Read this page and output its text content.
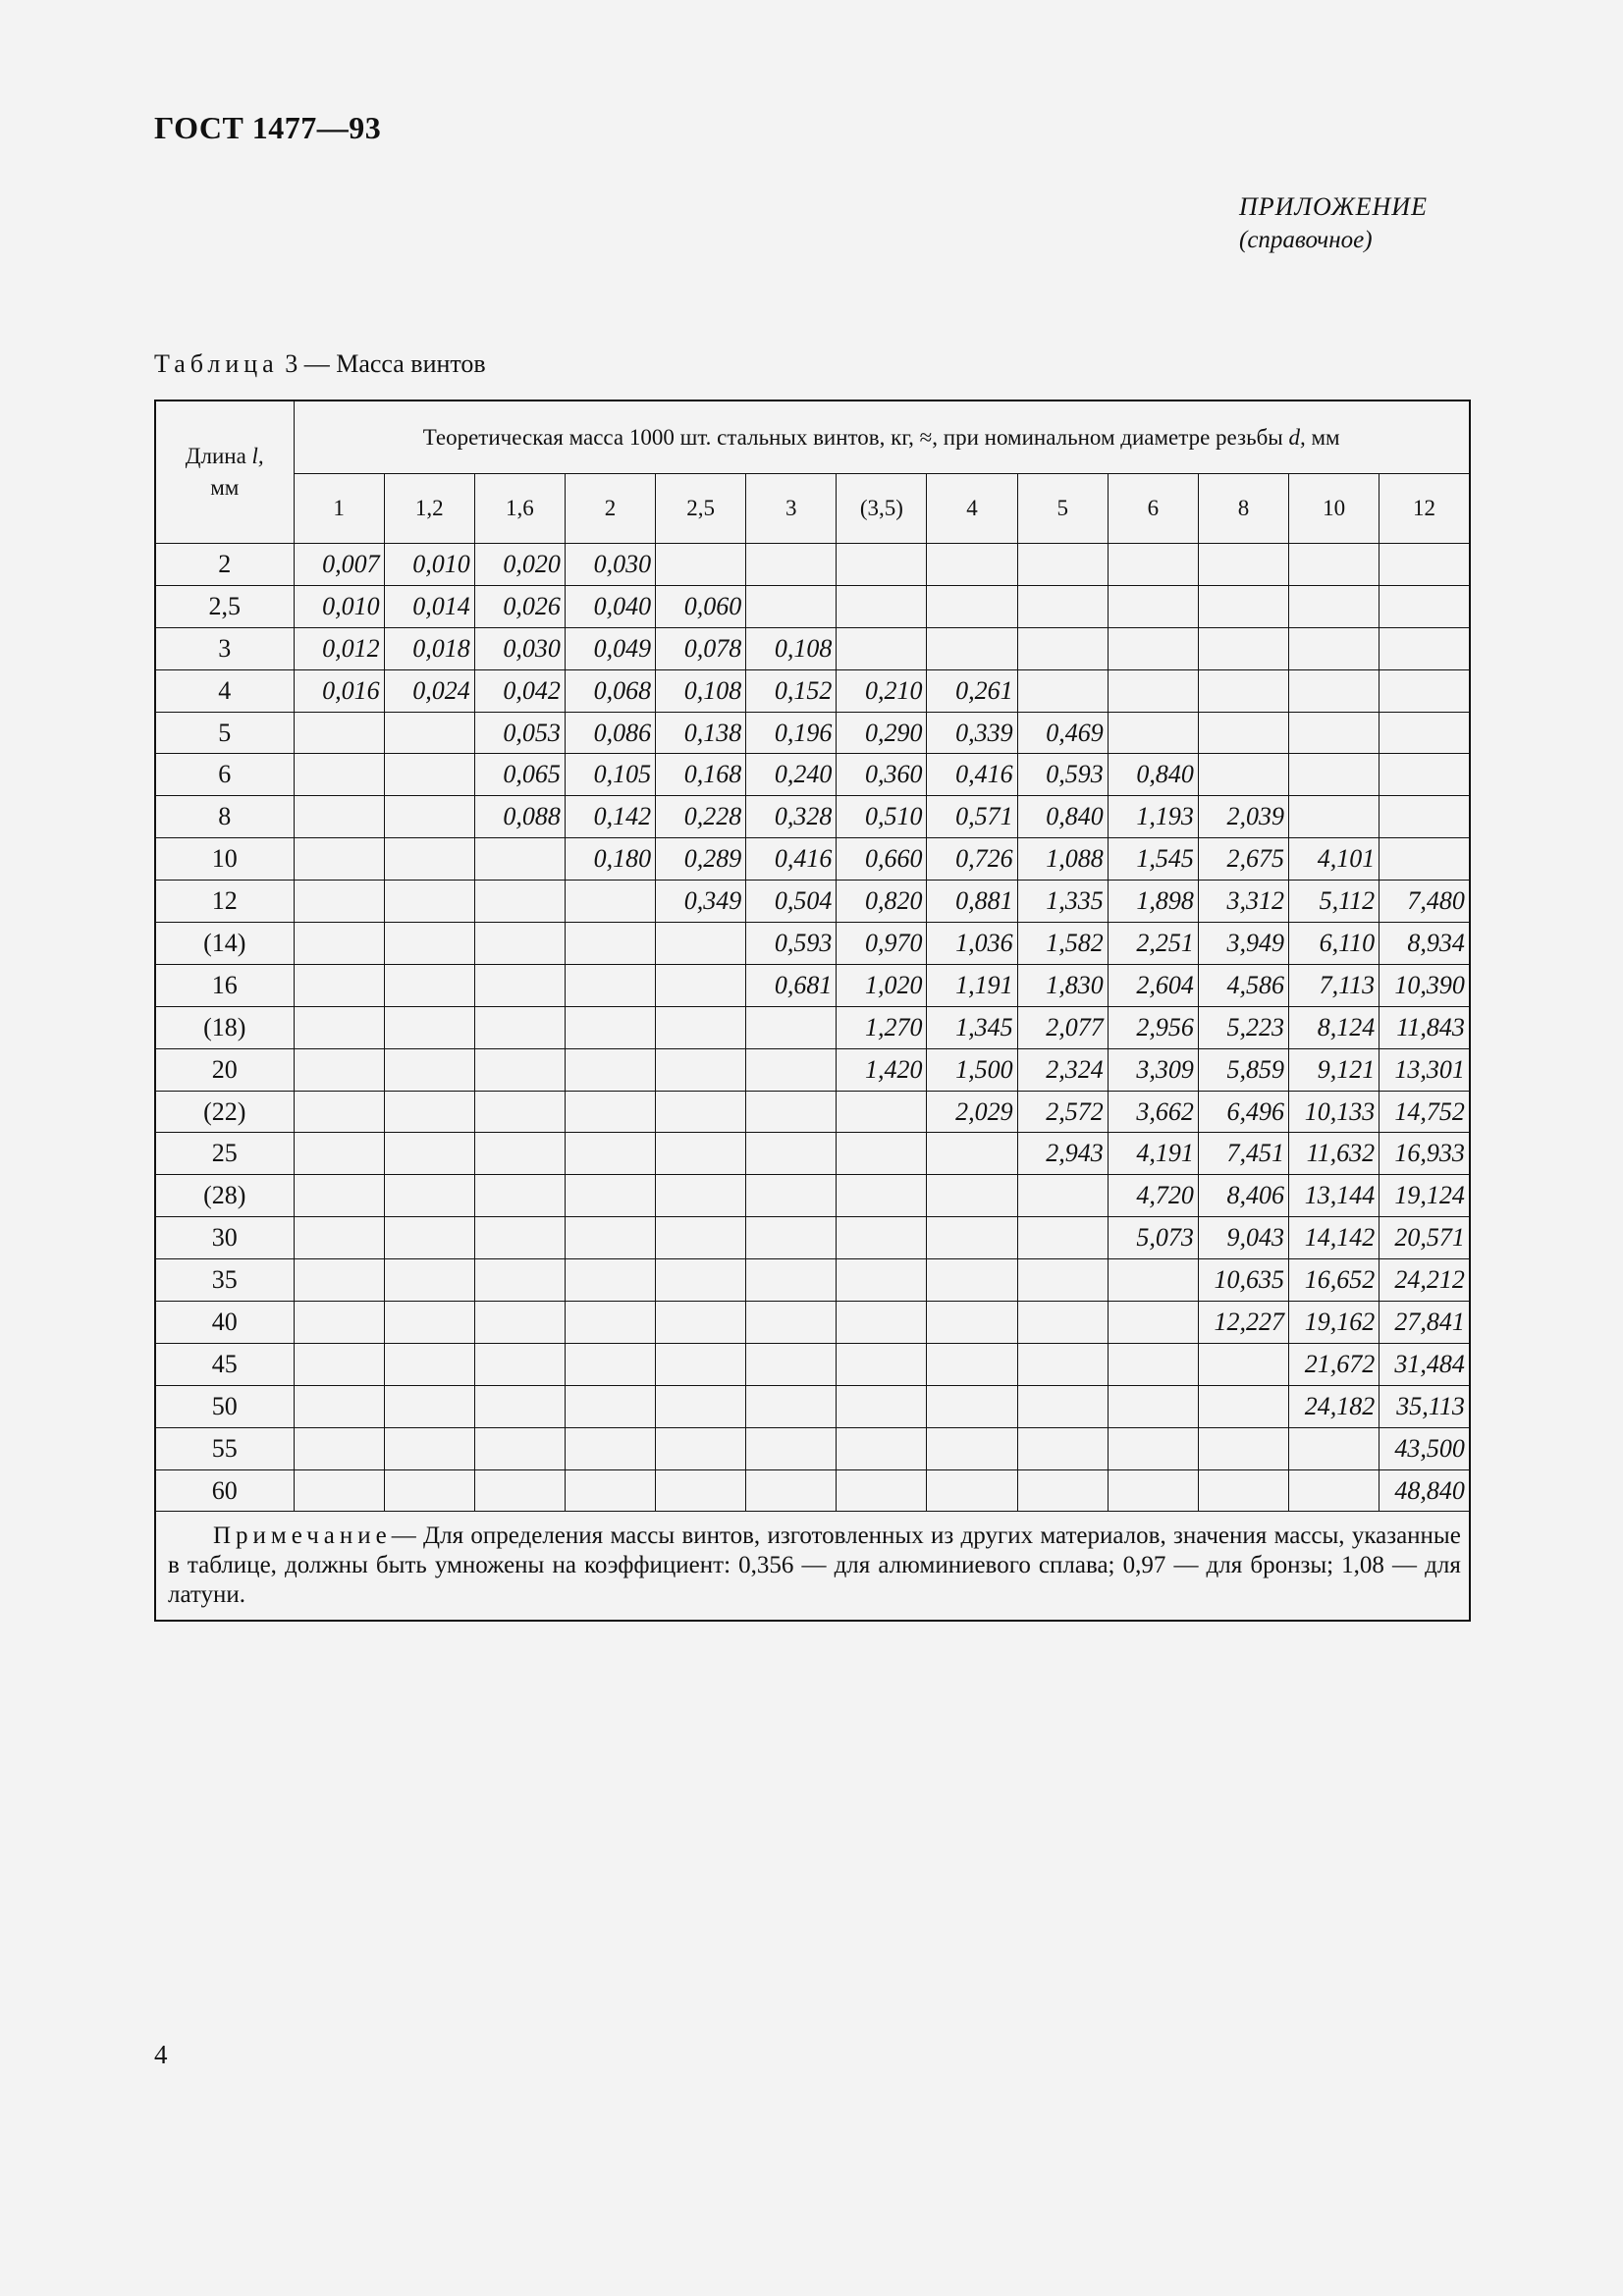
ГОСТ 1477—93
ПРИЛОЖЕНИЕ
(справочное)
Таблица 3 — Масса винтов
Длина l,
мм	Теоретическая масса 1000 шт. стальных винтов, кг, ≈, при номинальном диаметре резьбы d, мм												
	1	1,2	1,6	2	2,5	3	(3,5)	4	5	6	8	10	12
2	0,007	0,010	0,020	0,030									
2,5	0,010	0,014	0,026	0,040	0,060								
3	0,012	0,018	0,030	0,049	0,078	0,108							
4	0,016	0,024	0,042	0,068	0,108	0,152	0,210	0,261					
5			0,053	0,086	0,138	0,196	0,290	0,339	0,469				
6			0,065	0,105	0,168	0,240	0,360	0,416	0,593	0,840			
8			0,088	0,142	0,228	0,328	0,510	0,571	0,840	1,193	2,039		
10				0,180	0,289	0,416	0,660	0,726	1,088	1,545	2,675	4,101	
12					0,349	0,504	0,820	0,881	1,335	1,898	3,312	5,112	7,480
(14)						0,593	0,970	1,036	1,582	2,251	3,949	6,110	8,934
16						0,681	1,020	1,191	1,830	2,604	4,586	7,113	10,390
(18)							1,270	1,345	2,077	2,956	5,223	8,124	11,843
20							1,420	1,500	2,324	3,309	5,859	9,121	13,301
(22)								2,029	2,572	3,662	6,496	10,133	14,752
25									2,943	4,191	7,451	11,632	16,933
(28)										4,720	8,406	13,144	19,124
30										5,073	9,043	14,142	20,571
35											10,635	16,652	24,212
40											12,227	19,162	27,841
45												21,672	31,484
50												24,182	35,113
55													43,500
60													48,840
Примечание— Для определения массы винтов, изготовленных из других материалов, значения массы, указанные в таблице, должны быть умножены на коэффициент: 0,356 — для алюминиевого сплава; 0,97 — для бронзы; 1,08 — для латуни.													
4
